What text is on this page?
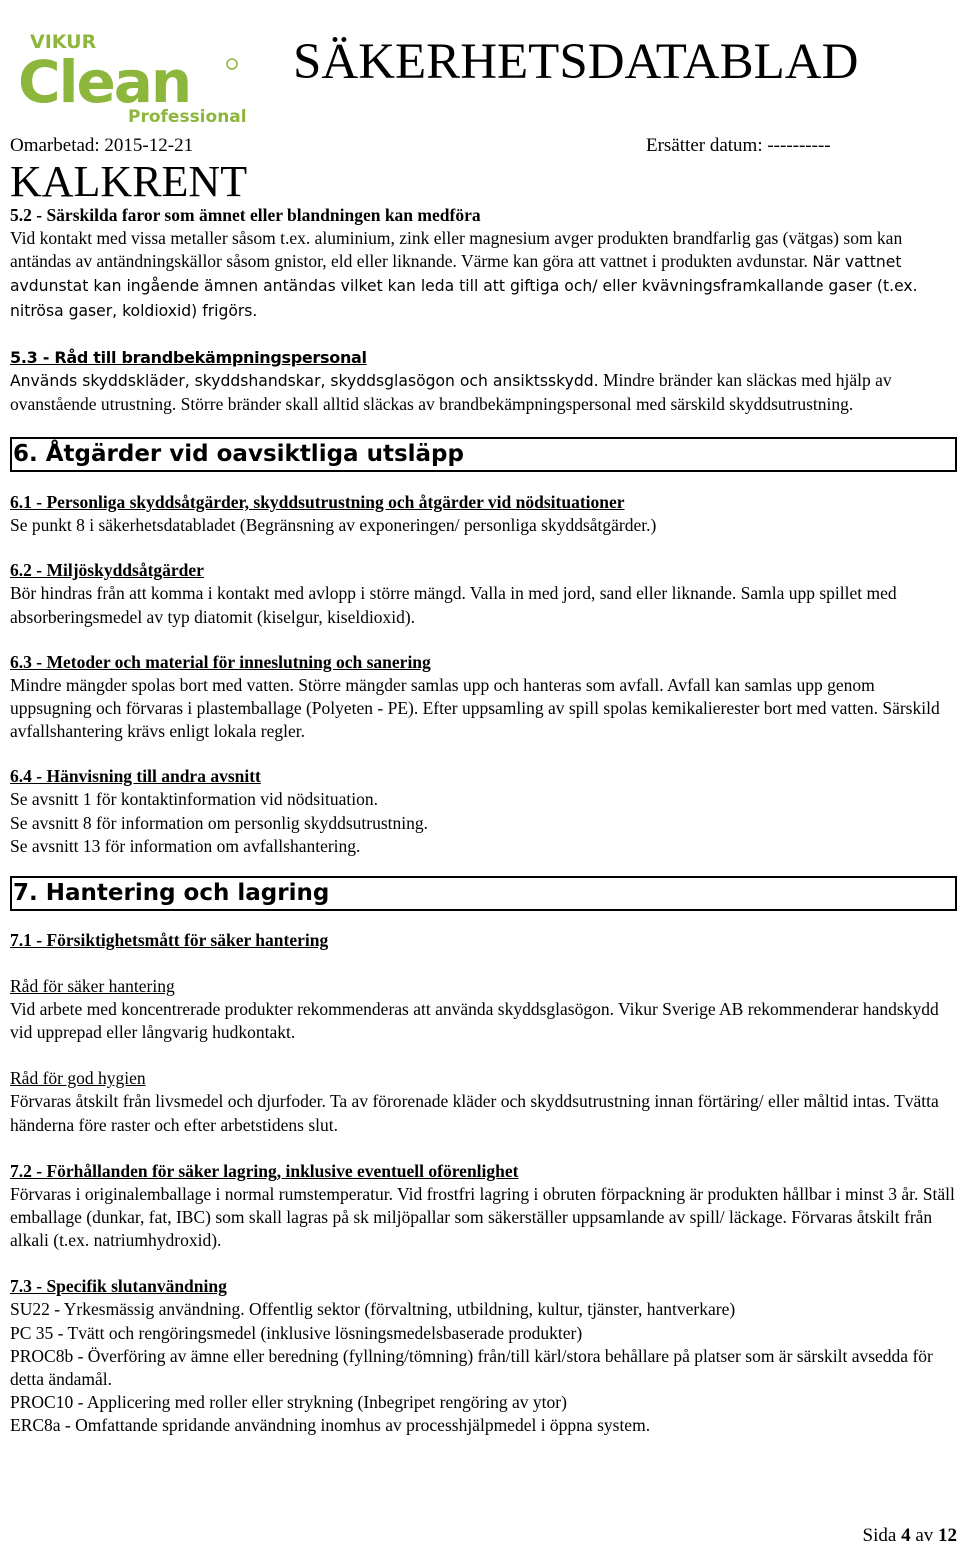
VIKUR
Clean
Professional
SÄKERHETSDATABLAD
Omarbetad: 2015-12-21	Ersätter datum: ----------
KALKRENT
5.2 - Särskilda faror som ämnet eller blandningen kan medföra
Vid kontakt med vissa metaller såsom t.ex. aluminium, zink eller magnesium avger produkten brandfarlig gas (vätgas) som kan antändas av antändningskällor såsom gnistor, eld eller liknande. Värme kan göra att vattnet i produkten avdunstar. När vattnet avdunstat kan ingående ämnen antändas vilket kan leda till att giftiga och/ eller kvävningsframkallande gaser (t.ex. nitrösa gaser, koldioxid) frigörs.
5.3 - Råd till brandbekämpningspersonal
Används skyddskläder, skyddshandskar, skyddsglasögon och ansiktsskydd. Mindre bränder kan släckas med hjälp av ovanstående utrustning. Större bränder skall alltid släckas av brandbekämpningspersonal med särskild skyddsutrustning.
6. Åtgärder vid oavsiktliga utsläpp
6.1 - Personliga skyddsåtgärder, skyddsutrustning och åtgärder vid nödsituationer
Se punkt 8 i säkerhetsdatabladet (Begränsning av exponeringen/ personliga skyddsåtgärder.)
6.2 - Miljöskyddsåtgärder
Bör hindras från att komma i kontakt med avlopp i större mängd. Valla in med jord, sand eller liknande. Samla upp spillet med absorberingsmedel av typ diatomit (kiselgur, kiseldioxid).
6.3 - Metoder och material för inneslutning och sanering
Mindre mängder spolas bort med vatten. Större mängder samlas upp och hanteras som avfall. Avfall kan samlas upp genom uppsugning och förvaras i plastemballage (Polyeten - PE). Efter uppsamling av spill spolas kemikalierester bort med vatten. Särskild avfallshantering krävs enligt lokala regler.
6.4 - Hänvisning till andra avsnitt
Se avsnitt 1 för kontaktinformation vid nödsituation.
Se avsnitt 8 för information om personlig skyddsutrustning.
Se avsnitt 13 för information om avfallshantering.
7. Hantering och lagring
7.1 - Försiktighetsmått för säker hantering
Råd för säker hantering
Vid arbete med koncentrerade produkter rekommenderas att använda skyddsglasögon. Vikur Sverige AB rekommenderar handskydd vid upprepad eller långvarig hudkontakt.
Råd för god hygien
Förvaras åtskilt från livsmedel och djurfoder. Ta av förorenade kläder och skyddsutrustning innan förtäring/ eller måltid intas. Tvätta händerna före raster och efter arbetstidens slut.
7.2 - Förhållanden för säker lagring, inklusive eventuell oförenlighet
Förvaras i originalemballage i normal rumstemperatur. Vid frostfri lagring i obruten förpackning är produkten hållbar i minst 3 år. Ställ emballage (dunkar, fat, IBC) som skall lagras på sk miljöpallar som säkerställer uppsamlande av spill/ läckage. Förvaras åtskilt från alkali (t.ex. natriumhydroxid).
7.3 - Specifik slutanvändning
SU22 - Yrkesmässig användning. Offentlig sektor (förvaltning, utbildning, kultur, tjänster, hantverkare)
PC 35 - Tvätt och rengöringsmedel (inklusive lösningsmedelsbaserade produkter)
PROC8b - Överföring av ämne eller beredning (fyllning/tömning) från/till kärl/stora behållare på platser som är särskilt avsedda för detta ändamål.
PROC10 - Applicering med roller eller strykning (Inbegripet rengöring av ytor)
ERC8a - Omfattande spridande användning inomhus av processhjälpmedel i öppna system.
Sida 4 av 12
